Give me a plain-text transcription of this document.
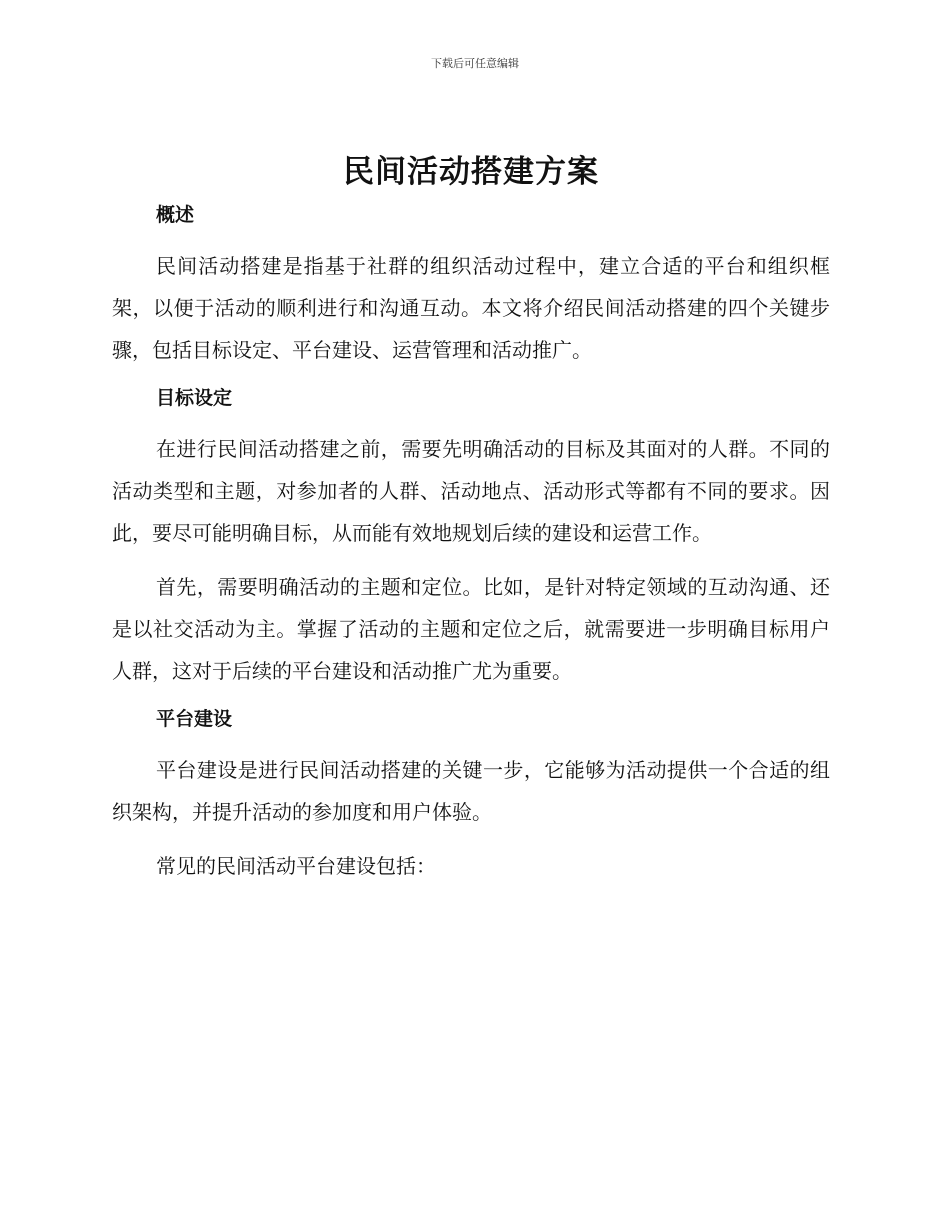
下载后可任意编辑
民间活动搭建方案
概述

民间活动搭建是指基于社群的组织活动过程中，建立合适的平台和组织框架，以便于活动的顺利进行和沟通互动。本文将介绍民间活动搭建的四个关键步骤，包括目标设定、平台建设、运营管理和活动推广。

目标设定

在进行民间活动搭建之前，需要先明确活动的目标及其面对的人群。不同的活动类型和主题，对参加者的人群、活动地点、活动形式等都有不同的要求。因此，要尽可能明确目标，从而能有效地规划后续的建设和运营工作。

首先，需要明确活动的主题和定位。比如，是针对特定领域的互动沟通、还是以社交活动为主。掌握了活动的主题和定位之后，就需要进一步明确目标用户人群，这对于后续的平台建设和活动推广尤为重要。

平台建设

平台建设是进行民间活动搭建的关键一步，它能够为活动提供一个合适的组织架构，并提升活动的参加度和用户体验。

常见的民间活动平台建设包括：
